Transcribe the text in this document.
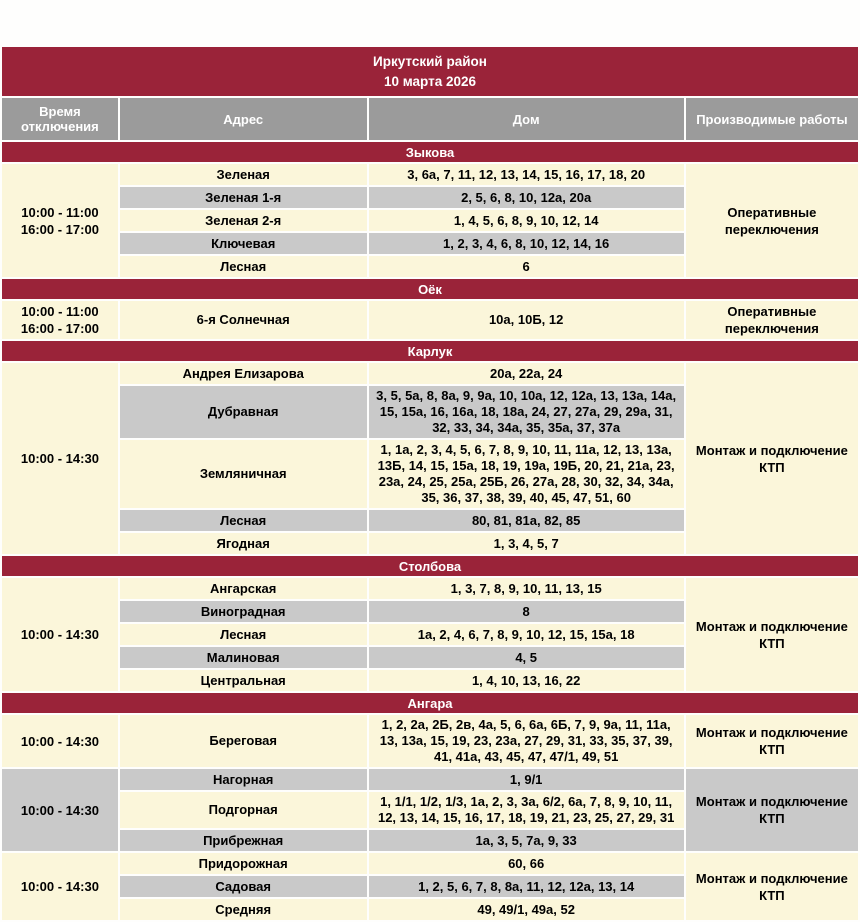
Иркутский район
10 марта 2026			

Время отключения	Адрес	Дом	Производимые работы
Зыкова			

10:00 - 11:00
16:00 - 17:00	Зеленая	3, 6а, 7, 11, 12, 13, 14, 15, 16, 17, 18, 20	Оперативные переключения
	Зеленая 1-я	2, 5, 6, 8, 10, 12а, 20а	
	Зеленая 2-я	1, 4, 5, 6, 8, 9, 10, 12, 14	
	Ключевая	1, 2, 3, 4, 6, 8, 10, 12, 14, 16	
	Лесная	6	
Оёк			

10:00 - 11:00
16:00 - 17:00	6-я Солнечная	10а, 10Б, 12	Оперативные переключения
Карлук			

10:00 - 14:30	Андрея Елизарова	20а, 22а, 24	Монтаж и подключение КТП
	Дубравная	3, 5, 5а, 8, 8а, 9, 9а, 10, 10а, 12, 12а, 13, 13а, 14а, 15, 15а, 16, 16а, 18, 18а, 24, 27, 27а, 29, 29а, 31, 32, 33, 34, 34а, 35, 35а, 37, 37а	
	Земляничная	1, 1а, 2, 3, 4, 5, 6, 7, 8, 9, 10, 11, 11а, 12, 13, 13а, 13Б, 14, 15, 15а, 18, 19, 19а, 19Б, 20, 21, 21а, 23, 23а, 24, 25, 25а, 25Б, 26, 27а, 28, 30, 32, 34, 34а, 35, 36, 37, 38, 39, 40, 45, 47, 51, 60	
	Лесная	80, 81, 81а, 82, 85	
	Ягодная	1, 3, 4, 5, 7	
Столбова			

10:00 - 14:30	Ангарская	1, 3, 7, 8, 9, 10, 11, 13, 15	Монтаж и подключение КТП
	Виноградная	8	
	Лесная	1а, 2, 4, 6, 7, 8, 9, 10, 12, 15, 15а, 18	
	Малиновая	4, 5	
	Центральная	1, 4, 10, 13, 16, 22	
Ангара			

10:00 - 14:30	Береговая	1, 2, 2а, 2Б, 2в, 4а, 5, 6, 6а, 6Б, 7, 9, 9а, 11, 11а, 13, 13а, 15, 19, 23, 23а, 27, 29, 31, 33, 35, 37, 39, 41, 41а, 43, 45, 47, 47/1, 49, 51	Монтаж и подключение КТП

10:00 - 14:30	Нагорная	1, 9/1	Монтаж и подключение КТП
	Подгорная	1, 1/1, 1/2, 1/3, 1а, 2, 3, 3а, 6/2, 6а, 7, 8, 9, 10, 11, 12, 13, 14, 15, 16, 17, 18, 19, 21, 23, 25, 27, 29, 31	
	Прибрежная	1а, 3, 5, 7а, 9, 33	

10:00 - 14:30	Придорожная	60, 66	Монтаж и подключение КТП
	Садовая	1, 2, 5, 6, 7, 8, 8а, 11, 12, 12а, 13, 14	
	Средняя	49, 49/1, 49а, 52	
